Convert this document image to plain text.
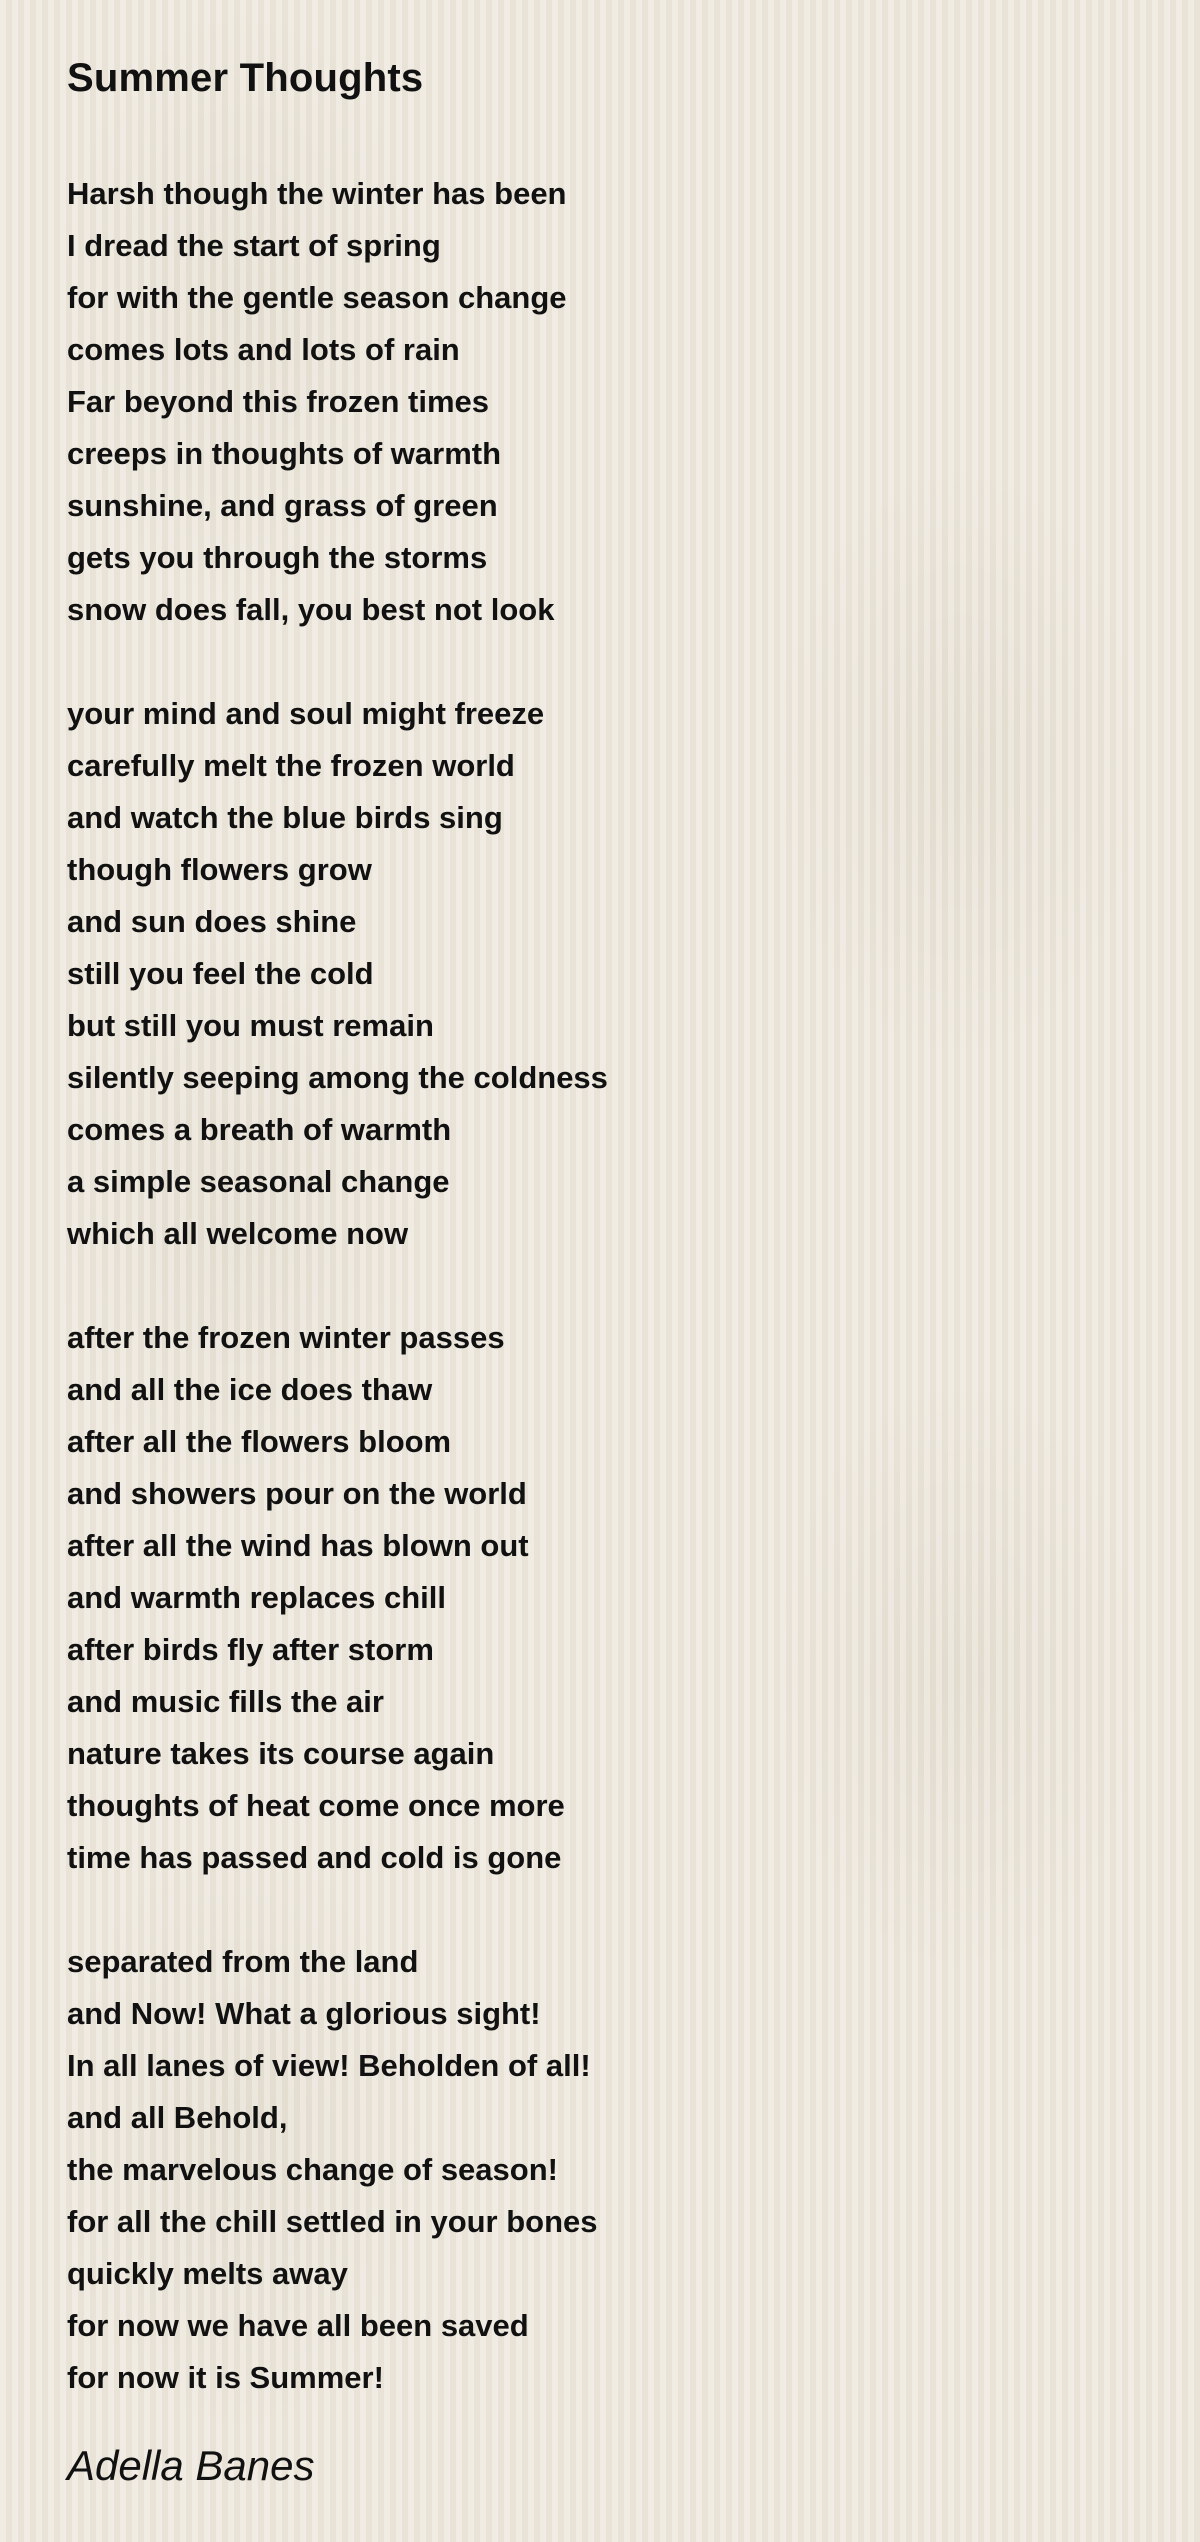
Summer Thoughts
Harsh though the winter has been
I dread the start of spring
for with the gentle season change
comes lots and lots of rain
Far beyond this frozen times
creeps in thoughts of warmth
sunshine, and grass of green
gets you through the storms
snow does fall, you best not look
your mind and soul might freeze
carefully melt the frozen world
and watch the blue birds sing
though flowers grow
and sun does shine
still you feel the cold
but still you must remain
silently seeping among the coldness
comes a breath of warmth
a simple seasonal change
which all welcome now
after the frozen winter passes
and all the ice does thaw
after all the flowers bloom
and showers pour on the world
after all the wind has blown out
and warmth replaces chill
after birds fly after storm
and music fills the air
nature takes its course again
thoughts of heat come once more
time has passed and cold is gone
separated from the land
and Now! What a glorious sight!
In all lanes of view! Beholden of all!
and all Behold,
the marvelous change of season!
for all the chill settled in your bones
quickly melts away
for now we have all been saved
for now it is Summer!
Adella Banes
